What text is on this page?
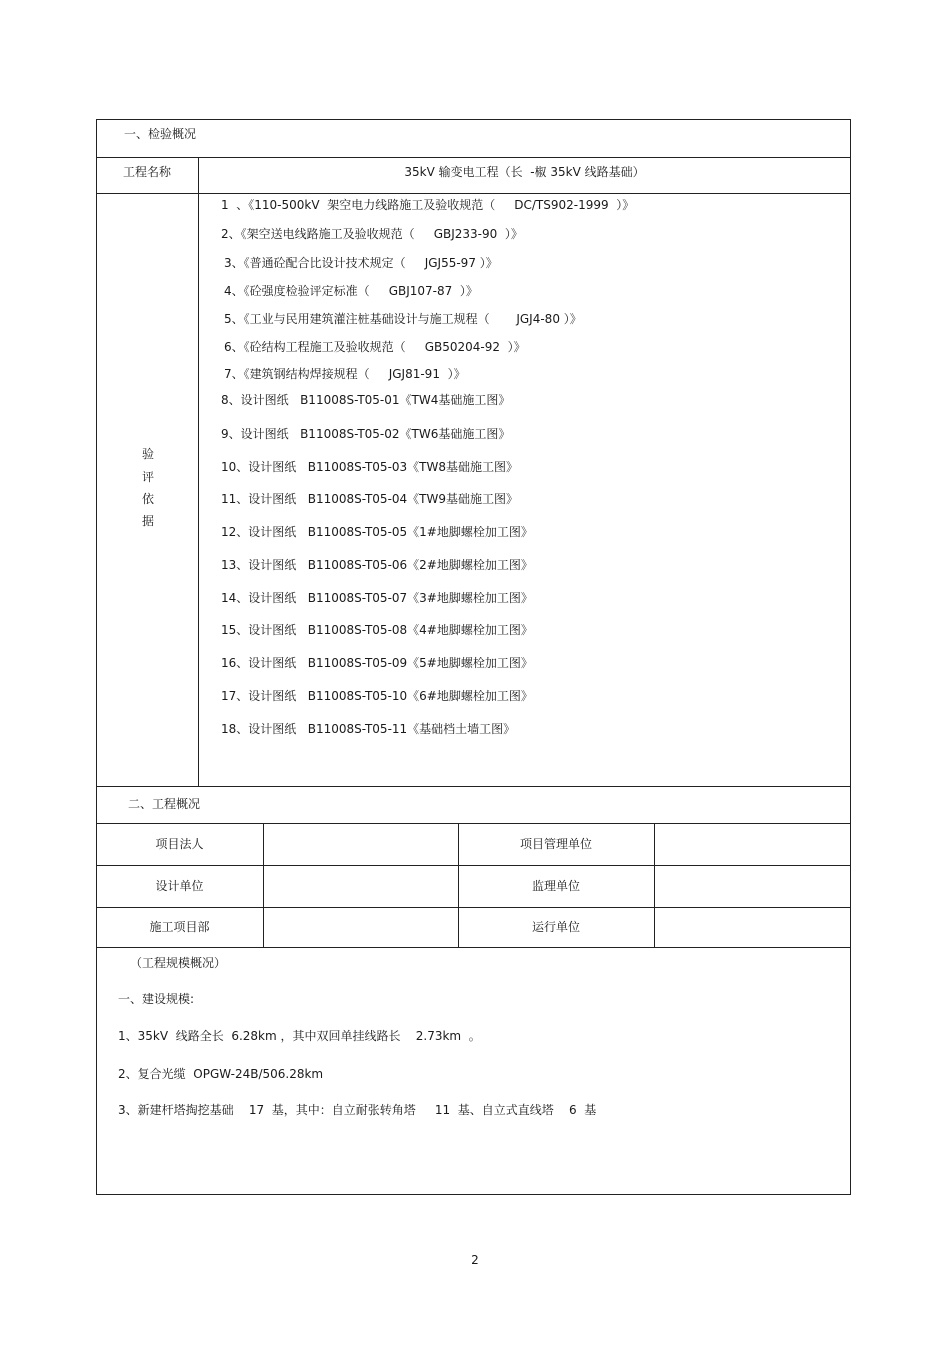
一、检验概况
工程名称	35kV 输变电工程（长  -椒 35kV 线路基础）
验
评
依
据
1  、《110-500kV  架空电力线路施工及验收规范（     DC/TS902-1999  ）》
2、《架空送电线路施工及验收规范（     GBJ233-90  ）》
3、《普通砼配合比设计技术规定（     JGJ55-97 ）》
4、《砼强度检验评定标准（     GBJ107-87  ）》
5、《工业与民用建筑灌注桩基础设计与施工规程（       JGJ4-80 ）》
6、《砼结构工程施工及验收规范（     GB50204-92  ）》
7、《建筑钢结构焊接规程（     JGJ81-91  ）》
8、设计图纸   B11008S-T05-01《TW4基础施工图》
9、设计图纸   B11008S-T05-02《TW6基础施工图》
10、设计图纸   B11008S-T05-03《TW8基础施工图》
11、设计图纸   B11008S-T05-04《TW9基础施工图》
12、设计图纸   B11008S-T05-05《1#地脚螺栓加工图》
13、设计图纸   B11008S-T05-06《2#地脚螺栓加工图》
14、设计图纸   B11008S-T05-07《3#地脚螺栓加工图》
15、设计图纸   B11008S-T05-08《4#地脚螺栓加工图》
16、设计图纸   B11008S-T05-09《5#地脚螺栓加工图》
17、设计图纸   B11008S-T05-10《6#地脚螺栓加工图》
18、设计图纸   B11008S-T05-11《基础档土墙工图》
二、工程概况
项目法人	项目管理单位
设计单位	监理单位
施工项目部	运行单位
（工程规模概况）
一、建设规模:
1、35kV  线路全长  6.28km ，其中双回单挂线路长    2.73km  。
2、复合光缆  OPGW-24B/506.28km
3、新建杆塔掏挖基础    17  基，其中：自立耐张转角塔     11  基、自立式直线塔    6  基
2
